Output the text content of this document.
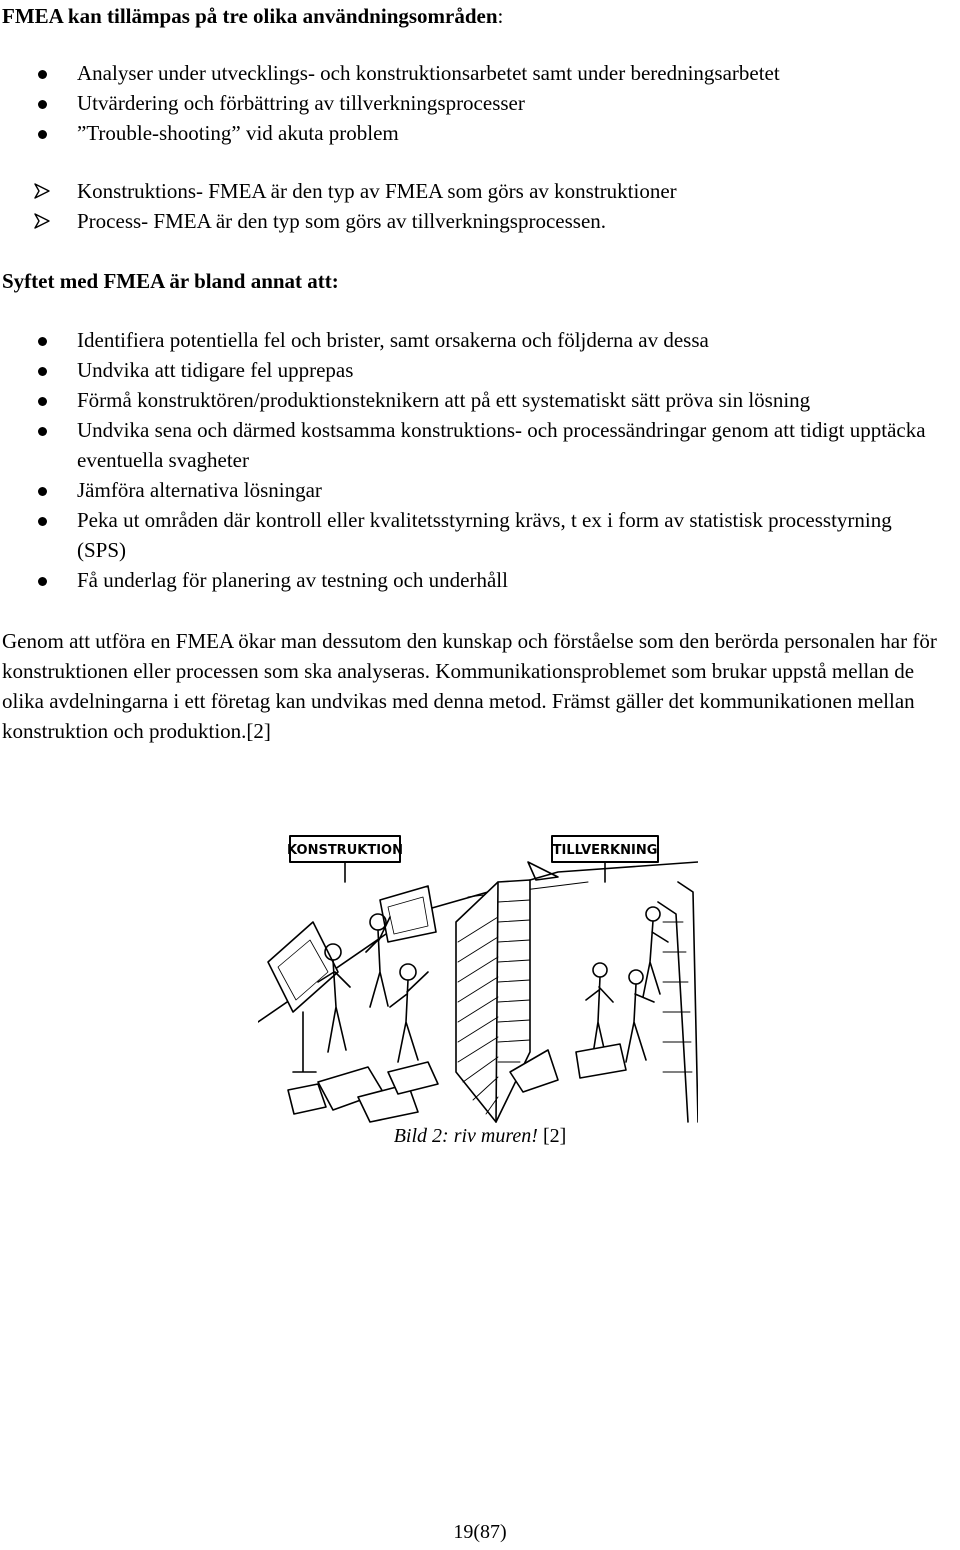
FMEA kan tillämpas på tre olika användningsområden:
Analyser under utvecklings- och konstruktionsarbetet samt under beredningsarbetet
Utvärdering och förbättring av tillverkningsprocesser
”Trouble-shooting” vid akuta problem
Konstruktions- FMEA är den typ av FMEA som görs av konstruktioner
Process- FMEA är den typ som görs av tillverkningsprocessen.
Syftet med FMEA är bland annat att:
Identifiera potentiella fel och brister, samt orsakerna och följderna av dessa
Undvika att tidigare fel upprepas
Förmå konstruktören/produktionsteknikern att på ett systematiskt sätt pröva sin lösning
Undvika sena och därmed kostsamma konstruktions- och processändringar genom att tidigt upptäcka eventuella svagheter
Jämföra alternativa lösningar
Peka ut områden där kontroll eller kvalitetsstyrning krävs, t ex i form av statistisk processtyrning (SPS)
Få underlag för planering av testning och underhåll
Genom att utföra en FMEA ökar man dessutom den kunskap och förståelse som den berörda personalen har för konstruktionen eller processen som ska analyseras. Kommunikationsproblemet som brukar uppstå mellan de olika avdelningarna i ett företag kan undvikas med denna metod. Främst gäller det kommunikationen mellan konstruktion och produktion.[2]
KONSTRUKTION	TILLVERKNING
Bild 2: riv muren! [2]
19(87)
